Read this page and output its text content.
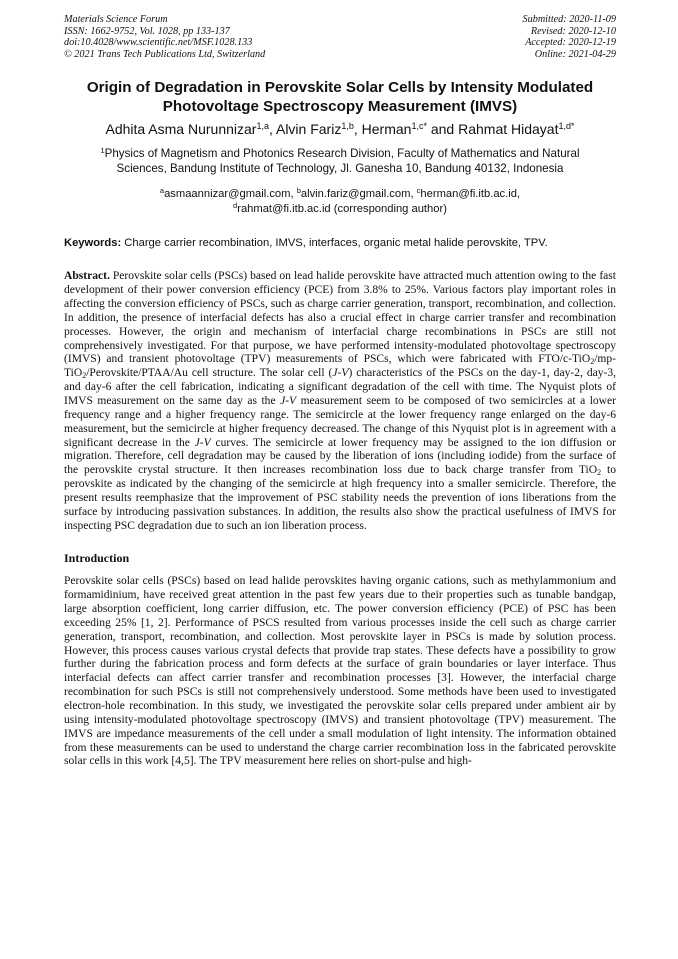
Materials Science Forum
ISSN: 1662-9752, Vol. 1028, pp 133-137
doi:10.4028/www.scientific.net/MSF.1028.133
© 2021 Trans Tech Publications Ltd, Switzerland
Submitted: 2020-11-09
Revised: 2020-12-10
Accepted: 2020-12-19
Online: 2021-04-29
Origin of Degradation in Perovskite Solar Cells by Intensity Modulated Photovoltage Spectroscopy Measurement (IMVS)
Adhita Asma Nurunnizar$^{1,a}$, Alvin Fariz$^{1,b}$, Herman$^{1,c*}$ and Rahmat Hidayat$^{1,d*}$
$^1$Physics of Magnetism and Photonics Research Division, Faculty of Mathematics and Natural Sciences, Bandung Institute of Technology, Jl. Ganesha 10, Bandung 40132, Indonesia
$^a$asmaannizar@gmail.com, $^b$alvin.fariz@gmail.com, $^c$herman@fi.itb.ac.id,
$^d$rahmat@fi.itb.ac.id (corresponding author)
Keywords: Charge carrier recombination, IMVS, interfaces, organic metal halide perovskite, TPV.
Abstract. Perovskite solar cells (PSCs) based on lead halide perovskite have attracted much attention owing to the fast development of their power conversion efficiency (PCE) from 3.8% to 25%. Various factors play important roles in affecting the conversion efficiency of PSCs, such as charge carrier generation, transport, recombination, and collection. In addition, the presence of interfacial defects has also a crucial effect in charge carrier transfer and recombination processes. However, the origin and mechanism of interfacial charge recombinations in PSCs are still not comprehensively investigated. For that purpose, we have performed intensity-modulated photovoltage spectroscopy (IMVS) and transient photovoltage (TPV) measurements of PSCs, which were fabricated with FTO/c-TiO$_2$/mp-TiO$_2$/Perovskite/PTAA/Au cell structure. The solar cell (J-V) characteristics of the PSCs on the day-1, day-2, day-3, and day-6 after the cell fabrication, indicating a significant degradation of the cell with time. The Nyquist plots of IMVS measurement on the same day as the J-V measurement seem to be composed of two semicircles at a lower frequency range and a higher frequency range. The semicircle at the lower frequency range enlarged on the day-6 measurement, but the semicircle at higher frequency decreased. The change of this Nyquist plot is in agreement with a significant decrease in the J-V curves. The semicircle at lower frequency may be assigned to the ion diffusion or migration. Therefore, cell degradation may be caused by the liberation of ions (including iodide) from the surface of the perovskite crystal structure. It then increases recombination loss due to back charge transfer from TiO$_2$ to perovskite as indicated by the changing of the semicircle at high frequency into a smaller semicircle. Therefore, the present results reemphasize that the improvement of PSC stability needs the prevention of ions liberations from the surface by introducing passivation substances. In addition, the results also show the practical usefulness of IMVS for inspecting PSC degradation due to such an ion liberation process.
Introduction
Perovskite solar cells (PSCs) based on lead halide perovskites having organic cations, such as methylammonium and formamidinium, have received great attention in the past few years due to their properties such as tunable bandgap, large absorption coefficient, long carrier diffusion, etc. The power conversion efficiency (PCE) of PSC has been exceeding 25% [1, 2]. Performance of PSCS resulted from various processes inside the cell such as charge carrier generation, transport, recombination, and collection. Most perovskite layer in PSCs is made by solution process. However, this process causes various crystal defects that provide trap states. These defects have a possibility to grow further during the fabrication process and form defects at the surface of grain boundaries or layer interface. Thus interfacial defects can affect carrier transfer and recombination processes [3]. However, the interfacial charge recombination for such PSCs is still not comprehensively understood. Some methods have been used to investigated electron-hole recombination. In this study, we investigated the perovskite solar cells prepared under ambient air by using intensity-modulated photovoltage spectroscopy (IMVS) and transient photovoltage (TPV) measurement. The IMVS are impedance measurements of the cell under a small modulation of light intensity. The information obtained from these measurements can be used to understand the charge carrier recombination loss in the fabricated perovskite solar cells in this work [4,5]. The TPV measurement here relies on short-pulse and high-
